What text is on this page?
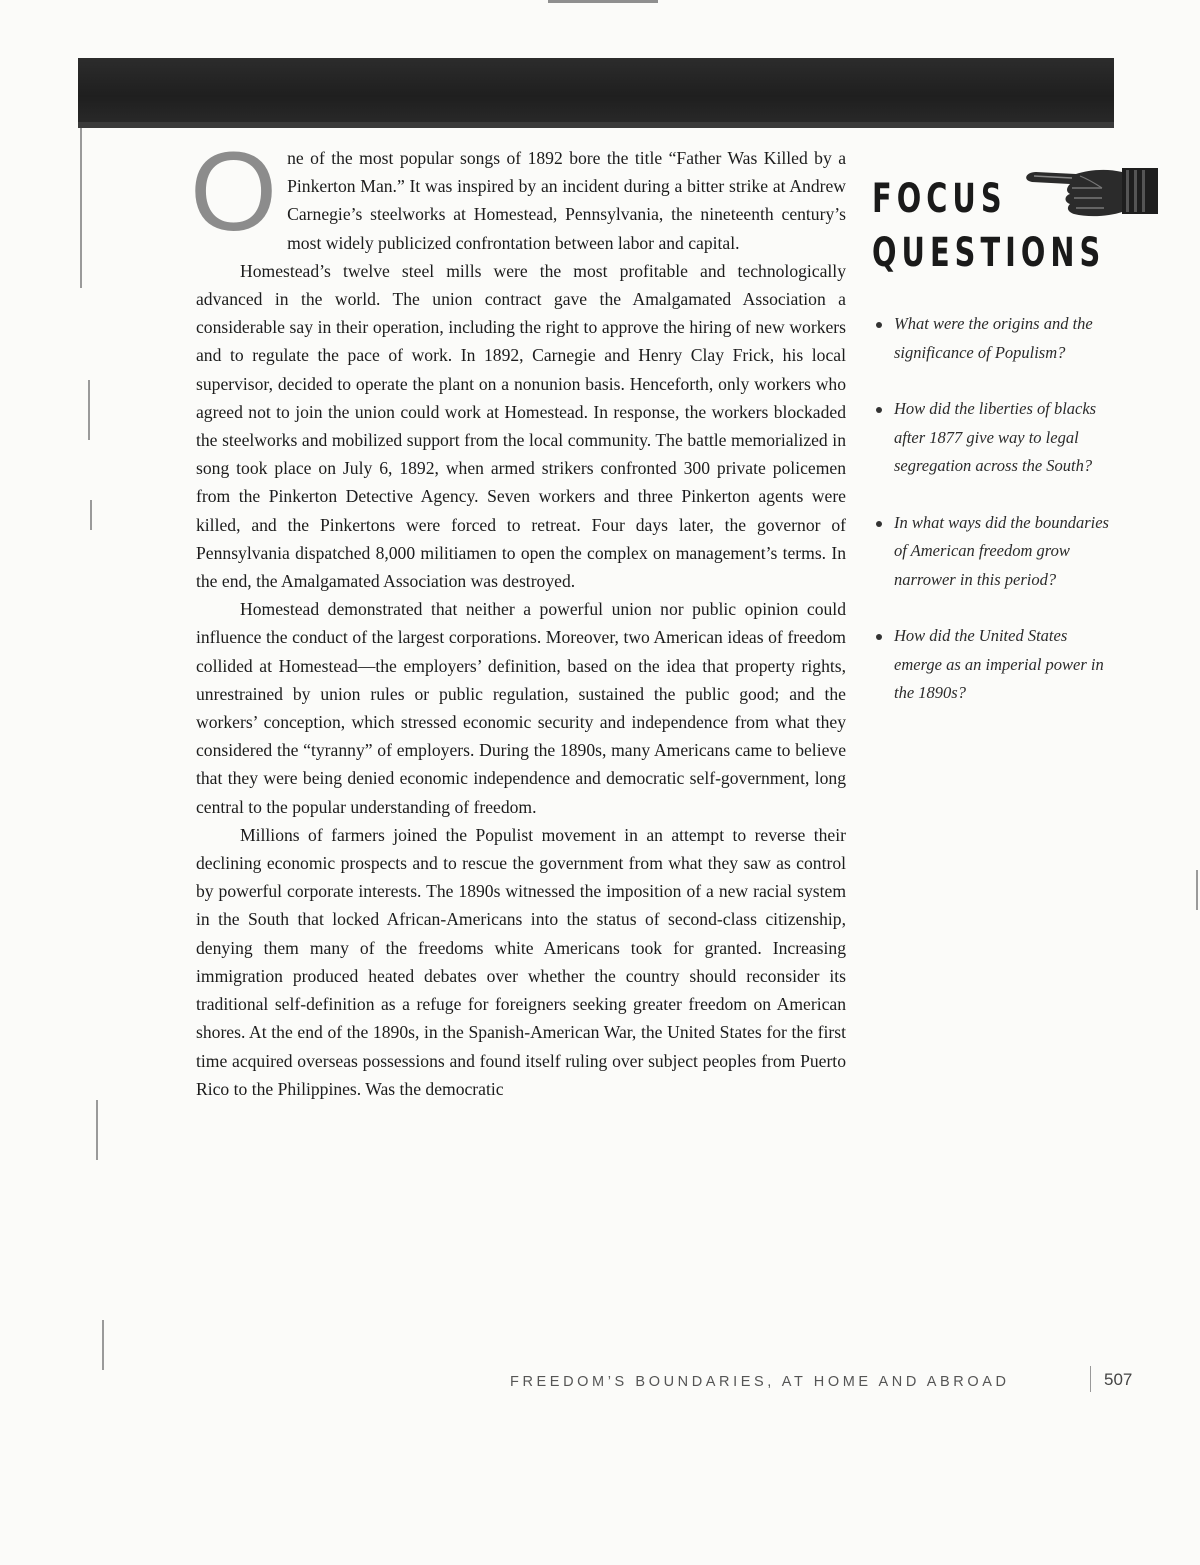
One of the most popular songs of 1892 bore the title “Father Was Killed by a Pinkerton Man.” It was inspired by an incident during a bitter strike at Andrew Carnegie’s steelworks at Homestead, Pennsylvania, the nineteenth century’s most widely publicized confrontation between labor and capital.

Homestead’s twelve steel mills were the most profitable and technologically advanced in the world. The union contract gave the Amalgamated Association a considerable say in their operation, including the right to approve the hiring of new workers and to regulate the pace of work. In 1892, Carnegie and Henry Clay Frick, his local supervisor, decided to operate the plant on a nonunion basis. Henceforth, only workers who agreed not to join the union could work at Homestead. In response, the workers blockaded the steelworks and mobilized support from the local community. The battle memorialized in song took place on July 6, 1892, when armed strikers confronted 300 private policemen from the Pinkerton Detective Agency. Seven workers and three Pinkerton agents were killed, and the Pinkertons were forced to retreat. Four days later, the governor of Pennsylvania dispatched 8,000 militiamen to open the complex on management’s terms. In the end, the Amalgamated Association was destroyed.

Homestead demonstrated that neither a powerful union nor public opinion could influence the conduct of the largest corporations. Moreover, two American ideas of freedom collided at Homestead—the employers’ definition, based on the idea that property rights, unrestrained by union rules or public regulation, sustained the public good; and the workers’ conception, which stressed economic security and independence from what they considered the “tyranny” of employers. During the 1890s, many Americans came to believe that they were being denied economic independence and democratic self-government, long central to the popular understanding of freedom.

Millions of farmers joined the Populist movement in an attempt to reverse their declining economic prospects and to rescue the government from what they saw as control by powerful corporate interests. The 1890s witnessed the imposition of a new racial system in the South that locked African-Americans into the status of second-class citizenship, denying them many of the freedoms white Americans took for granted. Increasing immigration produced heated debates over whether the country should reconsider its traditional self-definition as a refuge for foreigners seeking greater freedom on American shores. At the end of the 1890s, in the Spanish-American War, the United States for the first time acquired overseas possessions and found itself ruling over subject peoples from Puerto Rico to the Philippines. Was the democratic

FOCUS
QUESTIONS
What were the origins and the significance of Populism?
How did the liberties of blacks after 1877 give way to legal segregation across the South?
In what ways did the boundaries of American freedom grow narrower in this period?
How did the United States emerge as an imperial power in the 1890s?
FREEDOM’S BOUNDARIES, AT HOME AND ABROAD	507
